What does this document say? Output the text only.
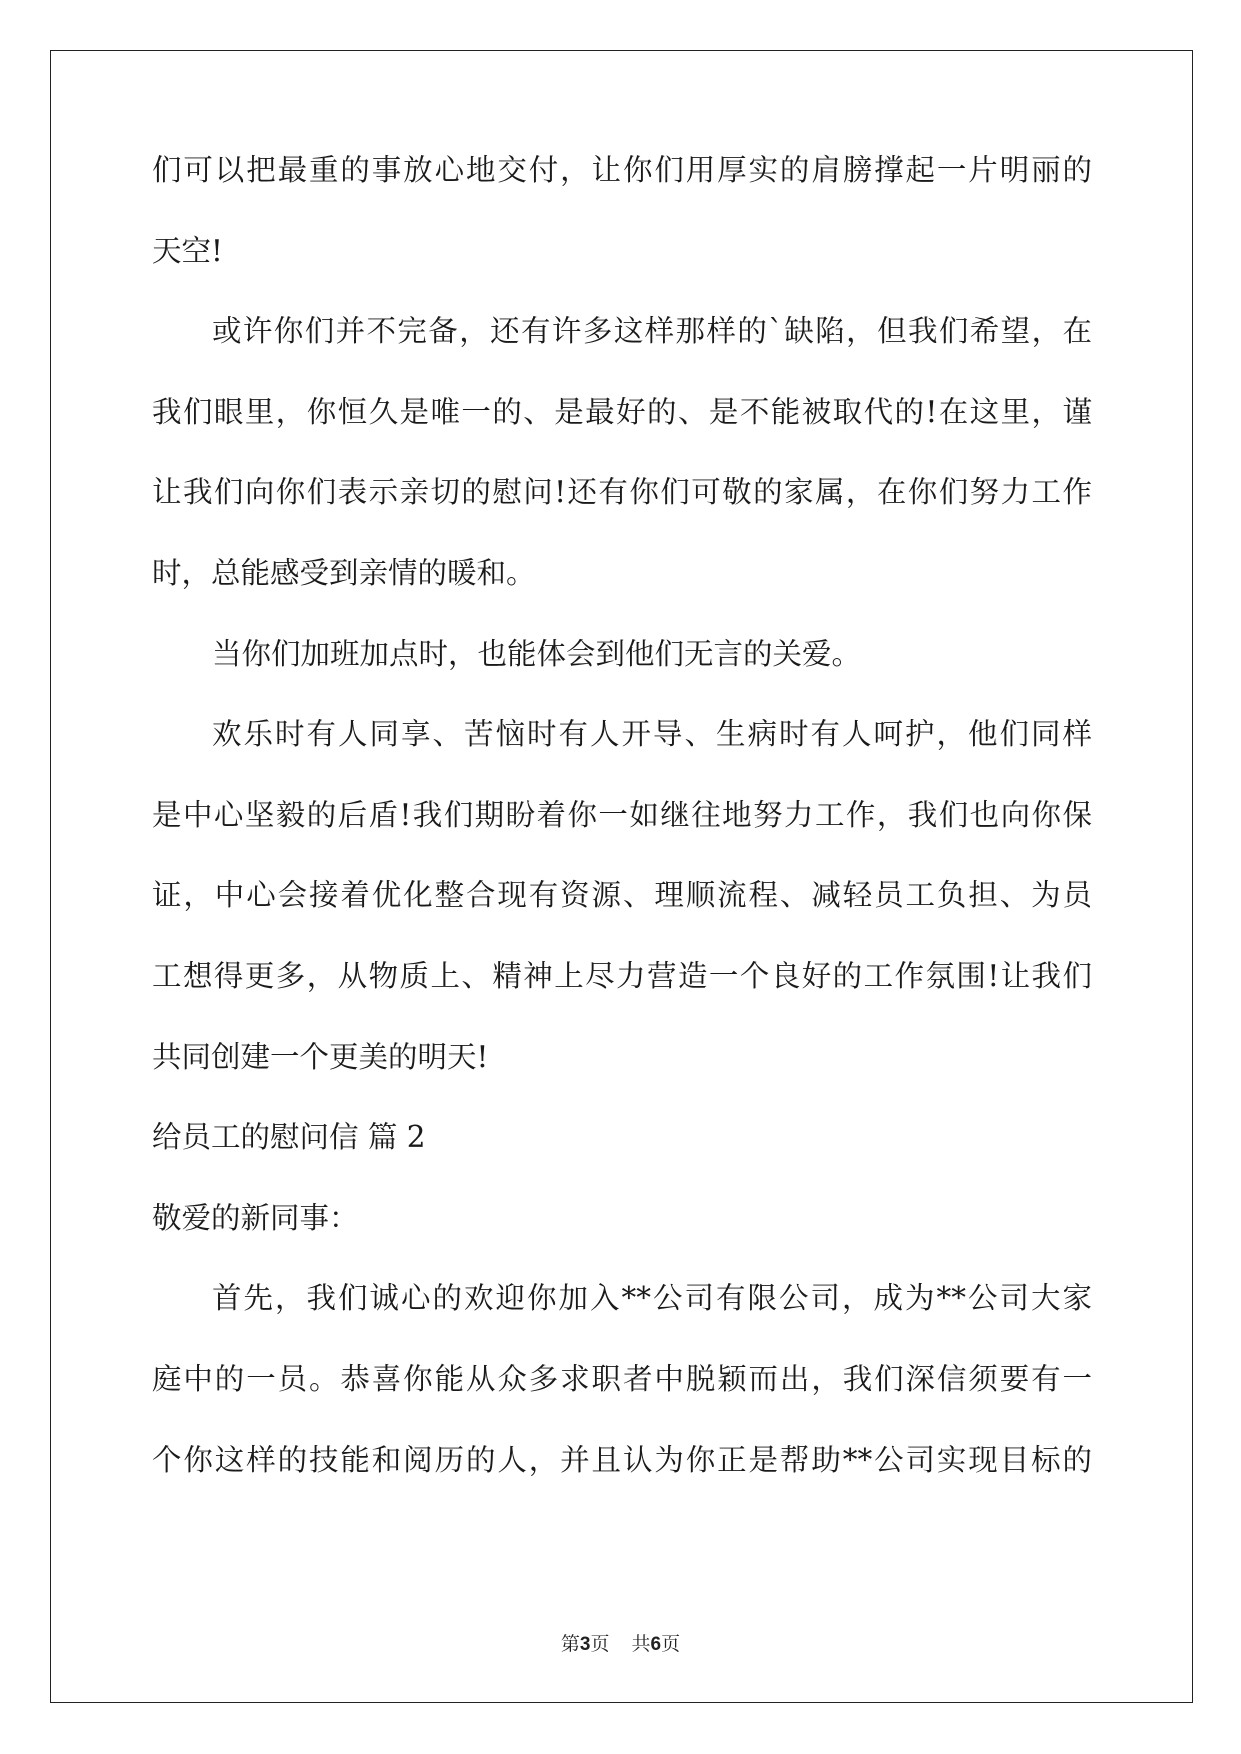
们可以把最重的事放心地交付，让你们用厚实的肩膀撑起一片明丽的
天空!
或许你们并不完备，还有许多这样那样的`缺陷，但我们希望，在
我们眼里，你恒久是唯一的、是最好的、是不能被取代的!在这里，谨
让我们向你们表示亲切的慰问!还有你们可敬的家属，在你们努力工作
时，总能感受到亲情的暖和。
当你们加班加点时，也能体会到他们无言的关爱。
欢乐时有人同享、苦恼时有人开导、生病时有人呵护，他们同样
是中心坚毅的后盾!我们期盼着你一如继往地努力工作，我们也向你保
证，中心会接着优化整合现有资源、理顺流程、减轻员工负担、为员
工想得更多，从物质上、精神上尽力营造一个良好的工作氛围!让我们
共同创建一个更美的明天!
给员工的慰问信 篇 2
敬爱的新同事：
首先，我们诚心的欢迎你加入**公司有限公司，成为**公司大家
庭中的一员。恭喜你能从众多求职者中脱颖而出，我们深信须要有一
个你这样的技能和阅历的人，并且认为你正是帮助**公司实现目标的
第3页 共6页
